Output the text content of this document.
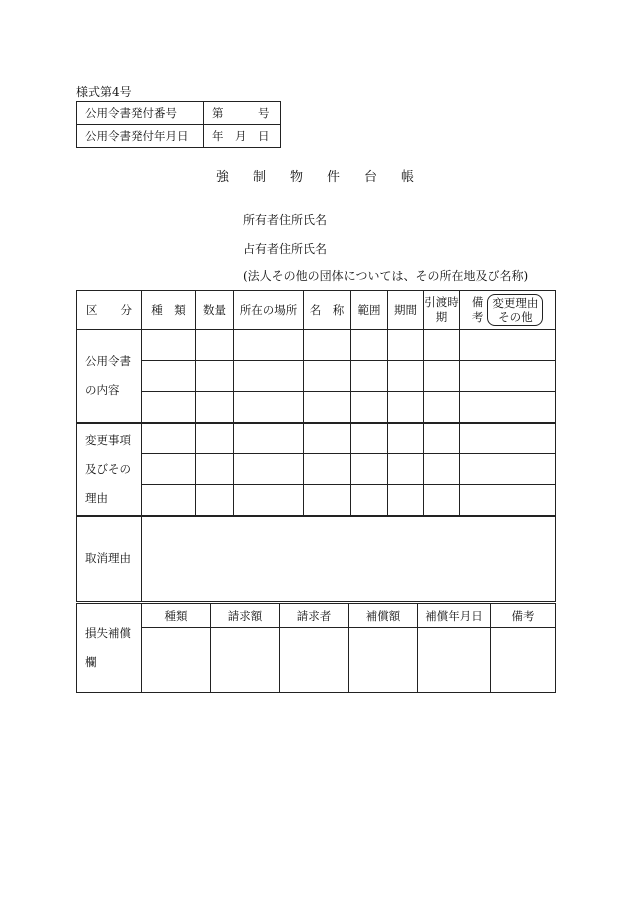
様式第4号
公用令書発付番号	第　　　号
公用令書発付年月日	年　月　日
強制物件台帳
所有者住所氏名
占有者住所氏名
(法人その他の団体については、その所在地及び名称)
区　　分	種　類	数量	所在の場所	名　称	範囲	期間	引渡時期	備考 変更理由その他
公用令書の内容								

変更事項及びその理由								

取消理由								
損失補償欄	種類	請求額	請求者	補償額	補償年月日	備考
